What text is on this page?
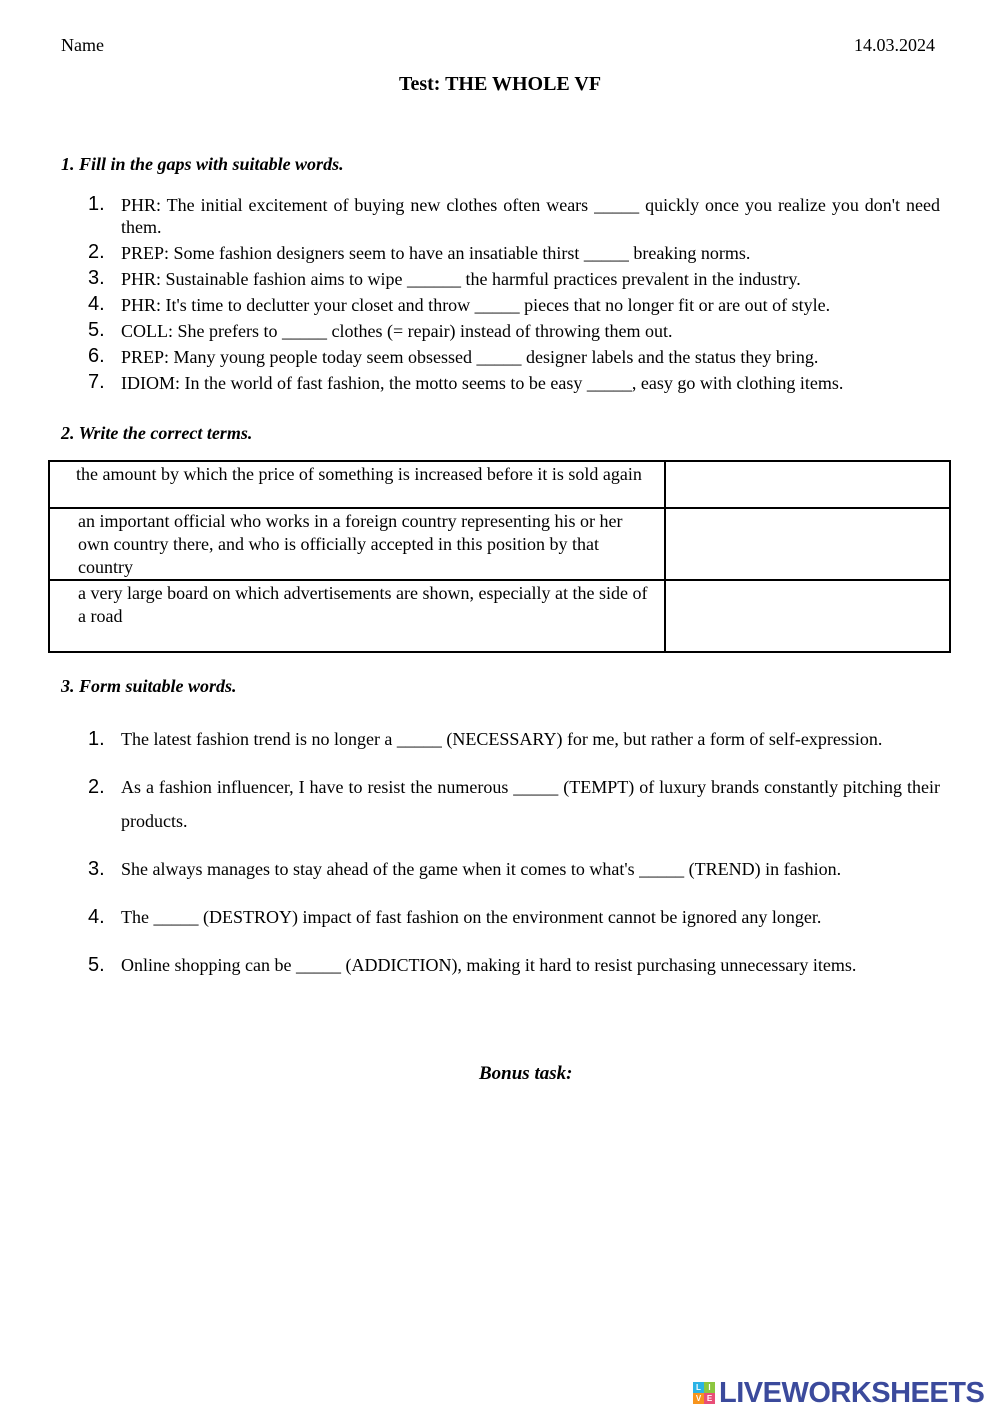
Name	14.03.2024
Test: THE WHOLE VF
1. Fill in the gaps with suitable words.
1. PHR: The initial excitement of buying new clothes often wears _____ quickly once you realize you don't need them.
2. PREP: Some fashion designers seem to have an insatiable thirst _____ breaking norms.
3. PHR: Sustainable fashion aims to wipe ______ the harmful practices prevalent in the industry.
4. PHR: It's time to declutter your closet and throw _____ pieces that no longer fit or are out of style.
5. COLL: She prefers to _____ clothes (= repair) instead of throwing them out.
6. PREP: Many young people today seem obsessed _____ designer labels and the status they bring.
7. IDIOM: In the world of fast fashion, the motto seems to be easy _____, easy go with clothing items.
2. Write the correct terms.
the amount by which the price of something is increased before it is sold again	

an important official who works in a foreign country representing his or her own country there, and who is officially accepted in this position by that country	

a very large board on which advertisements are shown, especially at the side of a road	

3. Form suitable words.
1. The latest fashion trend is no longer a _____ (NECESSARY) for me, but rather a form of self-expression.
2. As a fashion influencer, I have to resist the numerous _____ (TEMPT) of luxury brands constantly pitching their products.
3. She always manages to stay ahead of the game when it comes to what's _____ (TREND) in fashion.
4. The _____ (DESTROY) impact of fast fashion on the environment cannot be ignored any longer.
5. Online shopping can be _____ (ADDICTION), making it hard to resist purchasing unnecessary items.
Bonus task:
L I
V E LIVEWORKSHEETS
